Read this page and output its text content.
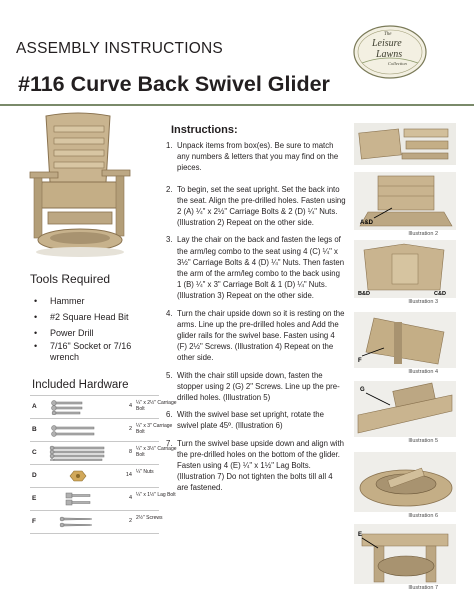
ASSEMBLY INSTRUCTIONS
The
Leisure
Lawns
Collection
#116 Curve Back Swivel Glider
Tools Required
• Hammer
• #2 Square Head Bit
• Power Drill
• 7/16" Socket or 7/16 wrench
Included Hardware
A	4 ¼" x 2½" Carriage Bolt
B	2 ¼" x 3" Carriage Bolt
C	8 ¼" x 3½" Carriage Bolt
D	14 ¼" Nuts
E	4 ¼" x 1½" Lag Bolt
F	2 2½" Screws
Instructions:
1. Unpack items from box(es). Be sure to match any numbers & letters that you may find on the pieces.
2. To begin, set the seat upright. Set the back into the seat. Align the pre-drilled holes. Fasten using 2 (A) ¼" x 2½" Carriage Bolts & 2 (D) ¼" Nuts. (Illustration 2) Repeat on the other side.
3. Lay the chair on the back and fasten the legs of the arm/leg combo to the seat using 4 (C) ¼" x 3½" Carriage Bolts & 4 (D) ¼" Nuts. Then fasten the arm of the arm/leg combo to the back using 1 (B) ¼" x 3" Carriage Bolt & 1 (D) ¼" Nuts. (Illustration 3) Repeat on the other side.
4. Turn the chair upside down so it is resting on the arms. Line up the pre-drilled holes and Add the glider rails for the swivel base. Fasten using 4 (F) 2½" Screws. (Illustration 4) Repeat on the other side.
5. With the chair still upside down, fasten the stopper using 2 (G) 2" Screws. Line up the pre-drilled holes. (Illustration 5)
6. With the swivel base set upright, rotate the swivel plate 45º. (Illustration 6)
7. Turn the swivel base upside down and align with the pre-drilled holes on the bottom of the glider. Fasten using 4 (E) ¼" x 1½" Lag Bolts. (Illustration 7) Do not tighten the bolts till all 4 are fastened.
A&D
Illustration 2
B&D	C&D
Illustration 3
F
Illustration 4
G
Illustration 5
Illustration 6
E
Illustration 7
